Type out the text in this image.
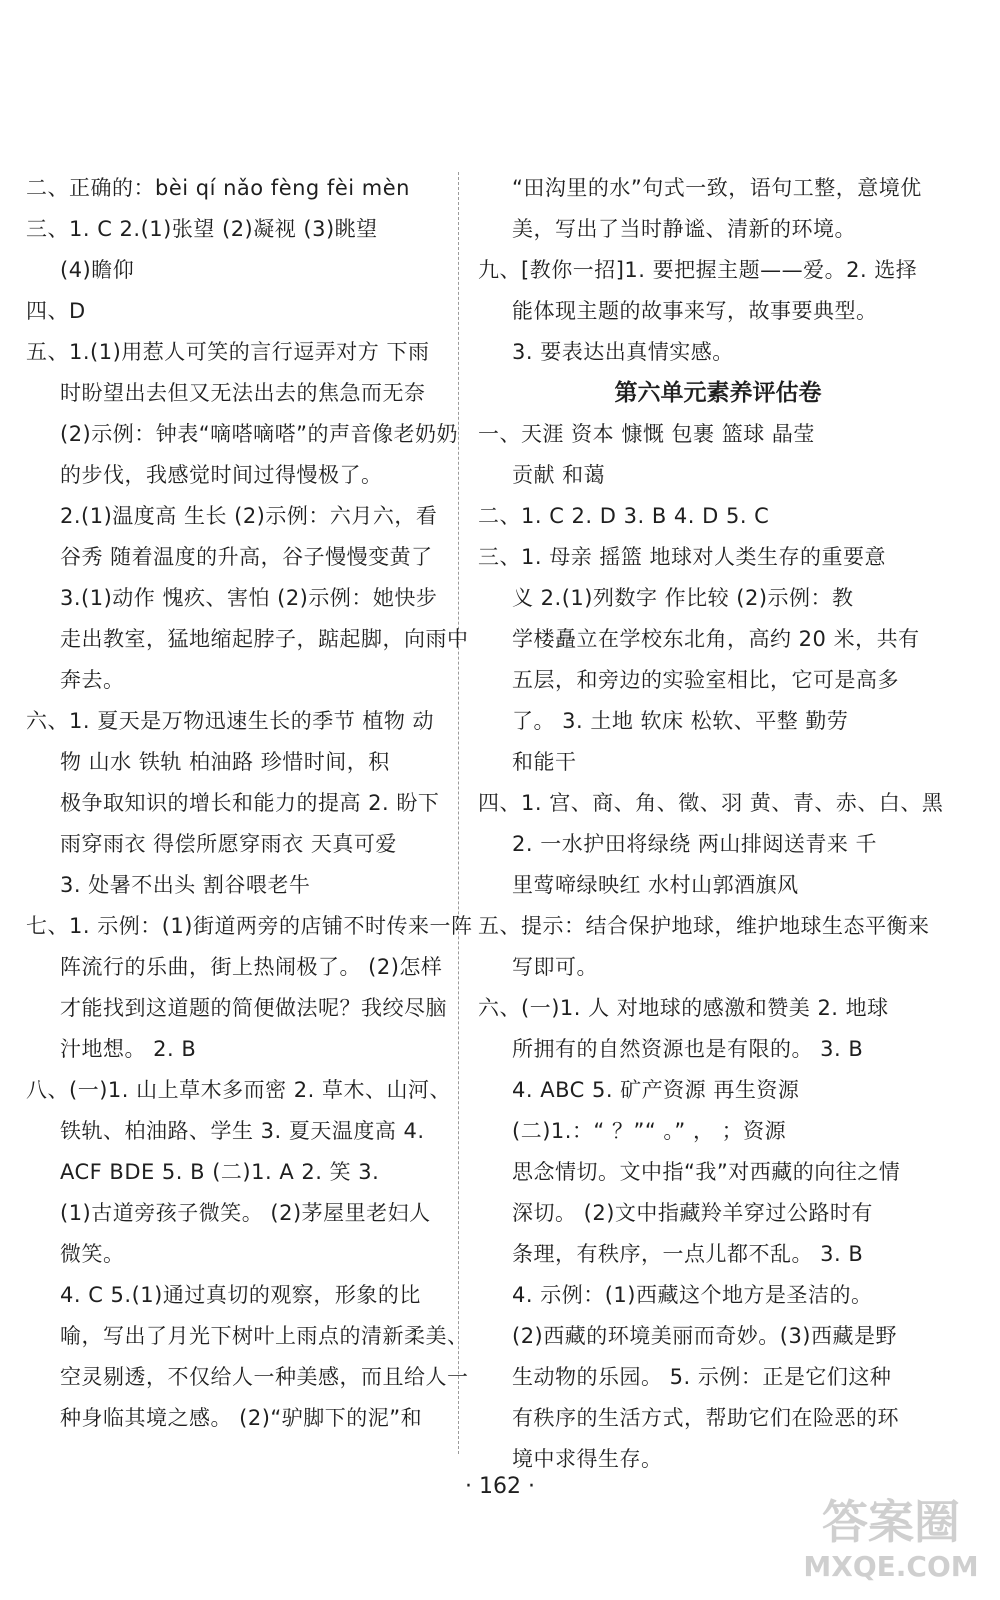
二、正确的：bèi qí nǎo fèng fèi mèn
三、1. C 2.(1)张望 (2)凝视 (3)眺望
(4)瞻仰
四、D
五、1.(1)用惹人可笑的言行逗弄对方 下雨
时盼望出去但又无法出去的焦急而无奈
(2)示例：钟表“嘀嗒嘀嗒”的声音像老奶奶
的步伐，我感觉时间过得慢极了。
2.(1)温度高 生长 (2)示例：六月六，看
谷秀 随着温度的升高，谷子慢慢变黄了
3.(1)动作 愧疚、害怕 (2)示例：她快步
走出教室，猛地缩起脖子，踮起脚，向雨中
奔去。
六、1. 夏天是万物迅速生长的季节 植物 动
物 山水 铁轨 柏油路 珍惜时间，积
极争取知识的增长和能力的提高 2. 盼下
雨穿雨衣 得偿所愿穿雨衣 天真可爱
3. 处暑不出头 割谷喂老牛
七、1. 示例：(1)街道两旁的店铺不时传来一阵
阵流行的乐曲，街上热闹极了。 (2)怎样
才能找到这道题的简便做法呢？我绞尽脑
汁地想。 2. B
八、(一)1. 山上草木多而密 2. 草木、山河、
铁轨、柏油路、学生 3. 夏天温度高 4.
ACF BDE 5. B (二)1. A 2. 笑 3.
(1)古道旁孩子微笑。 (2)茅屋里老妇人
微笑。
4. C 5.(1)通过真切的观察，形象的比
喻，写出了月光下树叶上雨点的清新柔美、
空灵剔透，不仅给人一种美感，而且给人一
种身临其境之感。 (2)“驴脚下的泥”和
“田沟里的水”句式一致，语句工整，意境优
美，写出了当时静谧、清新的环境。
九、[教你一招]1. 要把握主题——爱。2. 选择
能体现主题的故事来写，故事要典型。
3. 要表达出真情实感。
第六单元素养评估卷
一、天涯 资本 慷慨 包裹 篮球 晶莹
贡献 和蔼
二、1. C 2. D 3. B 4. D 5. C
三、1. 母亲 摇篮 地球对人类生存的重要意
义 2.(1)列数字 作比较 (2)示例：教
学楼矗立在学校东北角，高约 20 米，共有
五层，和旁边的实验室相比，它可是高多
了。 3. 土地 软床 松软、平整 勤劳
和能干
四、1. 宫、商、角、徵、羽 黄、青、赤、白、黑
2. 一水护田将绿绕 两山排闼送青来 千
里莺啼绿映红 水村山郭酒旗风
五、提示：结合保护地球，维护地球生态平衡来
写即可。
六、(一)1. 人 对地球的感激和赞美 2. 地球
所拥有的自然资源也是有限的。 3. B
4. ABC 5. 矿产资源 再生资源
(二)1.：“ ？”“ 。” ， ；资源
思念情切。文中指“我”对西藏的向往之情
深切。 (2)文中指藏羚羊穿过公路时有
条理，有秩序，一点儿都不乱。 3. B
4. 示例：(1)西藏这个地方是圣洁的。
(2)西藏的环境美丽而奇妙。(3)西藏是野
生动物的乐园。 5. 示例：正是它们这种
有秩序的生活方式，帮助它们在险恶的环
境中求得生存。
· 162 ·
答案圈
MXQE.COM
